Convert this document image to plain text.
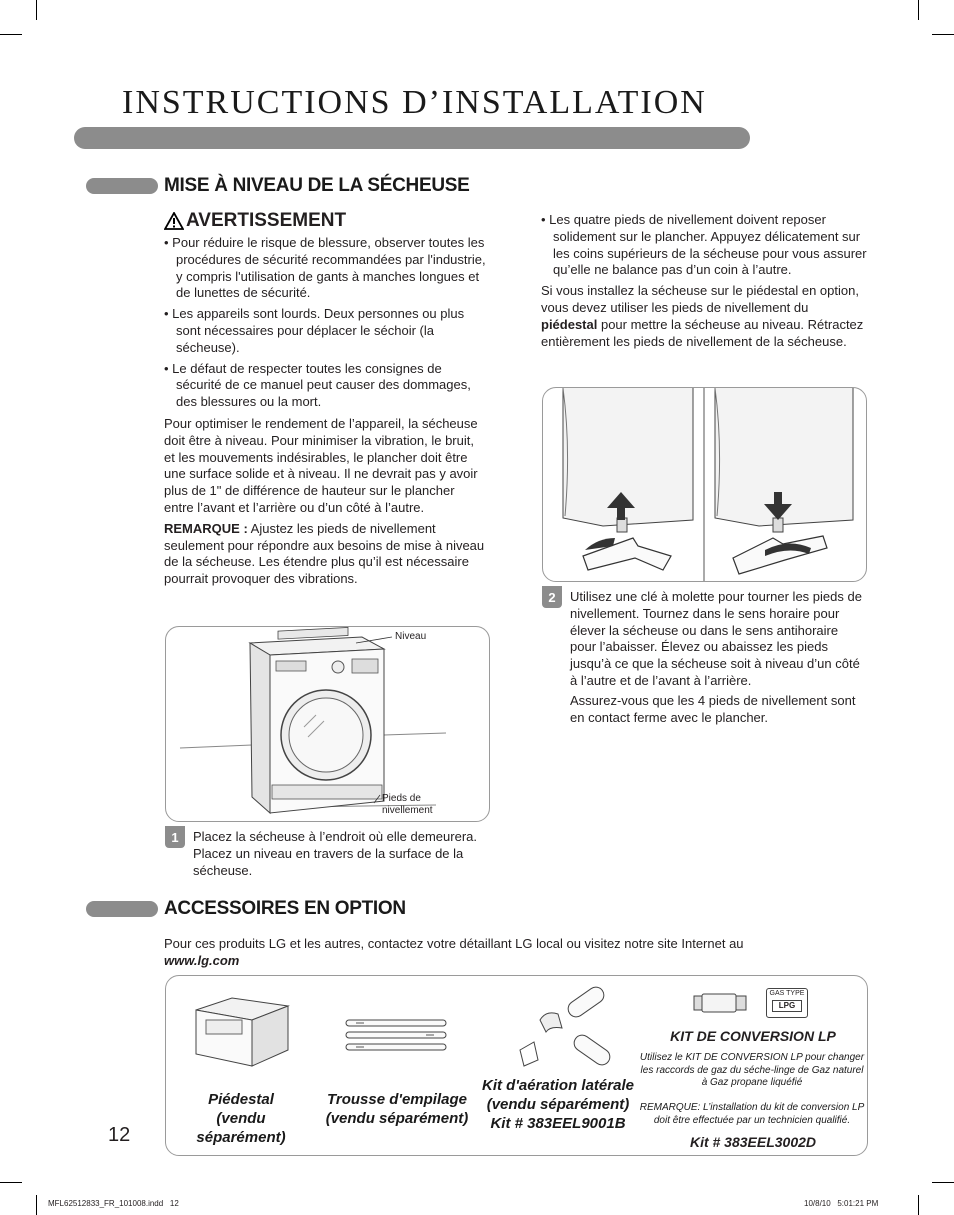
INSTRUCTIONS D’INSTALLATION
MISE À NIVEAU DE LA SÉCHEUSE
AVERTISSEMENT
• Pour réduire le risque de blessure, observer toutes les procédures de sécurité recommandées par l'industrie, y compris l'utilisation de gants à manches longues et de lunettes de sécurité.
• Les appareils sont lourds. Deux personnes ou plus sont nécessaires pour déplacer le séchoir (la sécheuse).
• Le défaut de respecter toutes les consignes de sécurité de ce manuel peut causer des dommages, des blessures ou la mort.
Pour optimiser le rendement de l’appareil, la sécheuse doit être à niveau. Pour minimiser la vibration, le bruit, et les mouvements indésirables, le plancher doit être une surface solide et à niveau. Il ne devrait pas y avoir plus de 1" de différence de hauteur sur le plancher entre l’avant et l’arrière ou d’un côté à l’autre.
REMARQUE : Ajustez les pieds de nivellement seulement pour répondre aux besoins de mise à niveau de la sécheuse. Les étendre plus qu’il est nécessaire pourrait provoquer des vibrations.
Niveau
Pieds de nivellement
1	Placez la sécheuse à l’endroit où elle demeurera. Placez un niveau en travers de la surface de la sécheuse.
• Les quatre pieds de nivellement doivent reposer solidement sur le plancher. Appuyez délicatement sur les coins supérieurs de la sécheuse pour vous assurer qu’elle ne balance pas d’un coin à l’autre.
Si vous installez la sécheuse sur le piédestal en option, vous devez utiliser les pieds de nivellement du piédestal pour mettre la sécheuse au niveau. Rétractez entièrement les pieds de nivellement de la sécheuse.
2	Utilisez une clé à molette pour tourner les pieds de nivellement. Tournez dans le sens horaire pour élever la sécheuse ou dans le sens antihoraire pour l’abaisser. Élevez ou abaissez les pieds jusqu’à ce que la sécheuse soit à niveau d’un côté à l’autre et de l’avant à l’arrière.
Assurez-vous que les 4 pieds de nivellement sont en contact ferme avec le plancher.
ACCESSOIRES EN OPTION
Pour ces produits LG et les autres, contactez votre détaillant LG local ou visitez notre site Internet au www.lg.com
Piédestal (vendu séparément)
Trousse d'empilage (vendu séparément)
Kit d'aération latérale (vendu séparément)
Kit # 383EEL9001B
GAS TYPE
LPG
KIT DE CONVERSION LP
Utilisez le KIT DE CONVERSION LP pour changer les raccords de gaz du séche-linge de Gaz naturel à Gaz propane liquéfié
REMARQUE: L’installation du kit de conversion LP doit être effectuée par un technicien qualifié.
Kit # 383EEL3002D
12
MFL62512833_FR_101008.indd   12	10/8/10   5:01:21 PM
